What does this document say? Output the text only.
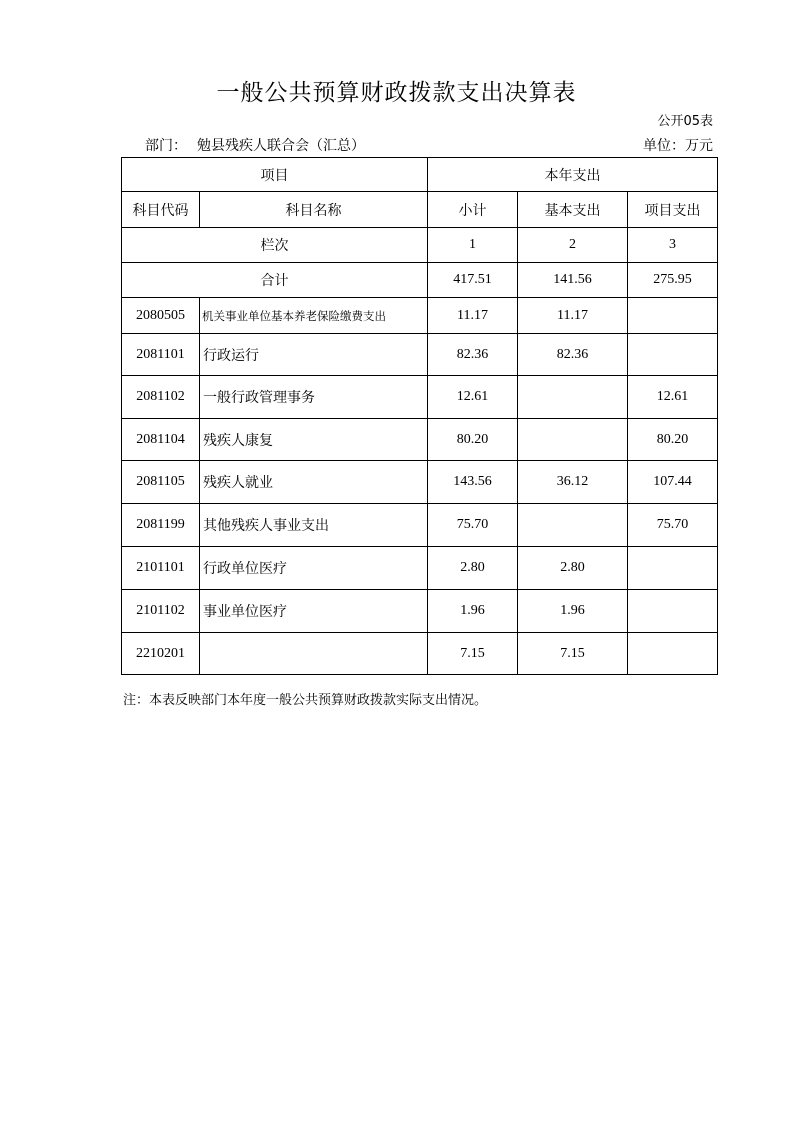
一般公共预算财政拨款支出决算表
公开05表
部门： 勉县残疾人联合会（汇总）	单位：万元
项目		本年支出		
科目代码	科目名称	小计	基本支出	项目支出
栏次		1	2	3
合计		417.51	141.56	275.95
2080505	机关事业单位基本养老保险缴费支出	11.17	11.17	
2081101	行政运行	82.36	82.36	
2081102	一般行政管理事务	12.61		12.61
2081104	残疾人康复	80.20		80.20
2081105	残疾人就业	143.56	36.12	107.44
2081199	其他残疾人事业支出	75.70		75.70
2101101	行政单位医疗	2.80	2.80	
2101102	事业单位医疗	1.96	1.96	
2210201		7.15	7.15	
注：本表反映部门本年度一般公共预算财政拨款实际支出情况。
